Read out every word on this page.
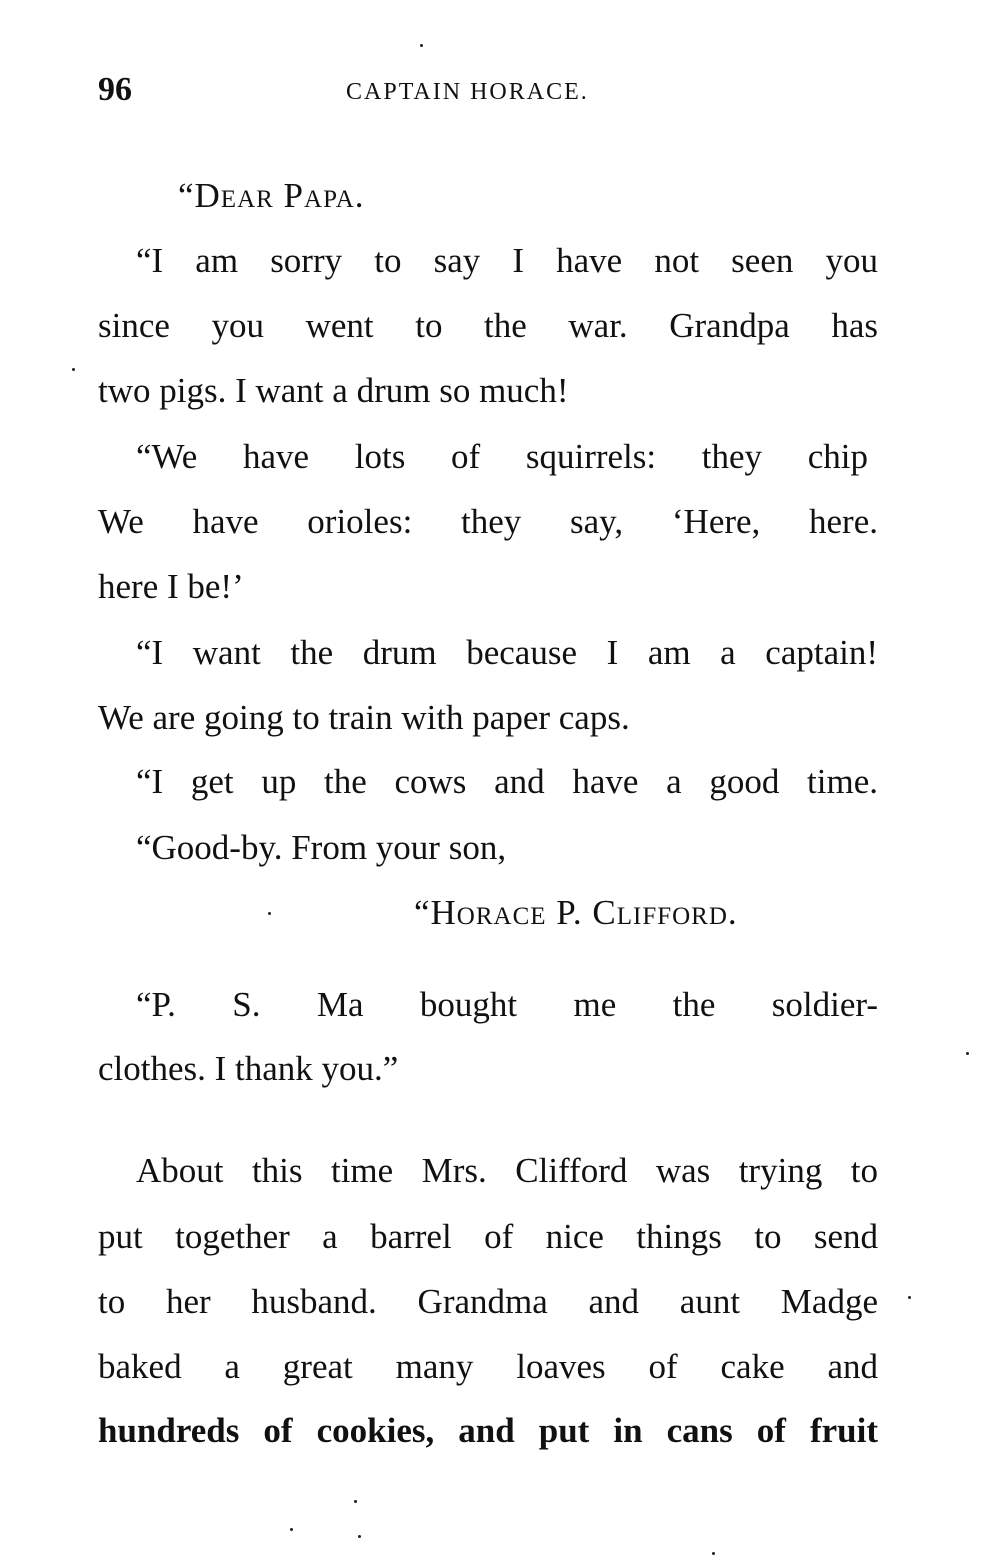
96	CAPTAIN HORACE.
“Dear Papa.
“I am sorry to say I have not seen you
since you went to the war. Grandpa has
two pigs. I want a drum so much!
“We have lots of squirrels: they chip
We have orioles: they say, ‘Here, here.
here I be!’
“I want the drum because I am a captain!
We are going to train with paper caps.
“I get up the cows and have a good time.
“Good-by. From your son,
“Horace P. Clifford.
“P. S. Ma bought me the soldier-
clothes. I thank you.”
About this time Mrs. Clifford was trying to
put together a barrel of nice things to send
to her husband. Grandma and aunt Madge
baked a great many loaves of cake and
hundreds of cookies, and put in cans of fruit
